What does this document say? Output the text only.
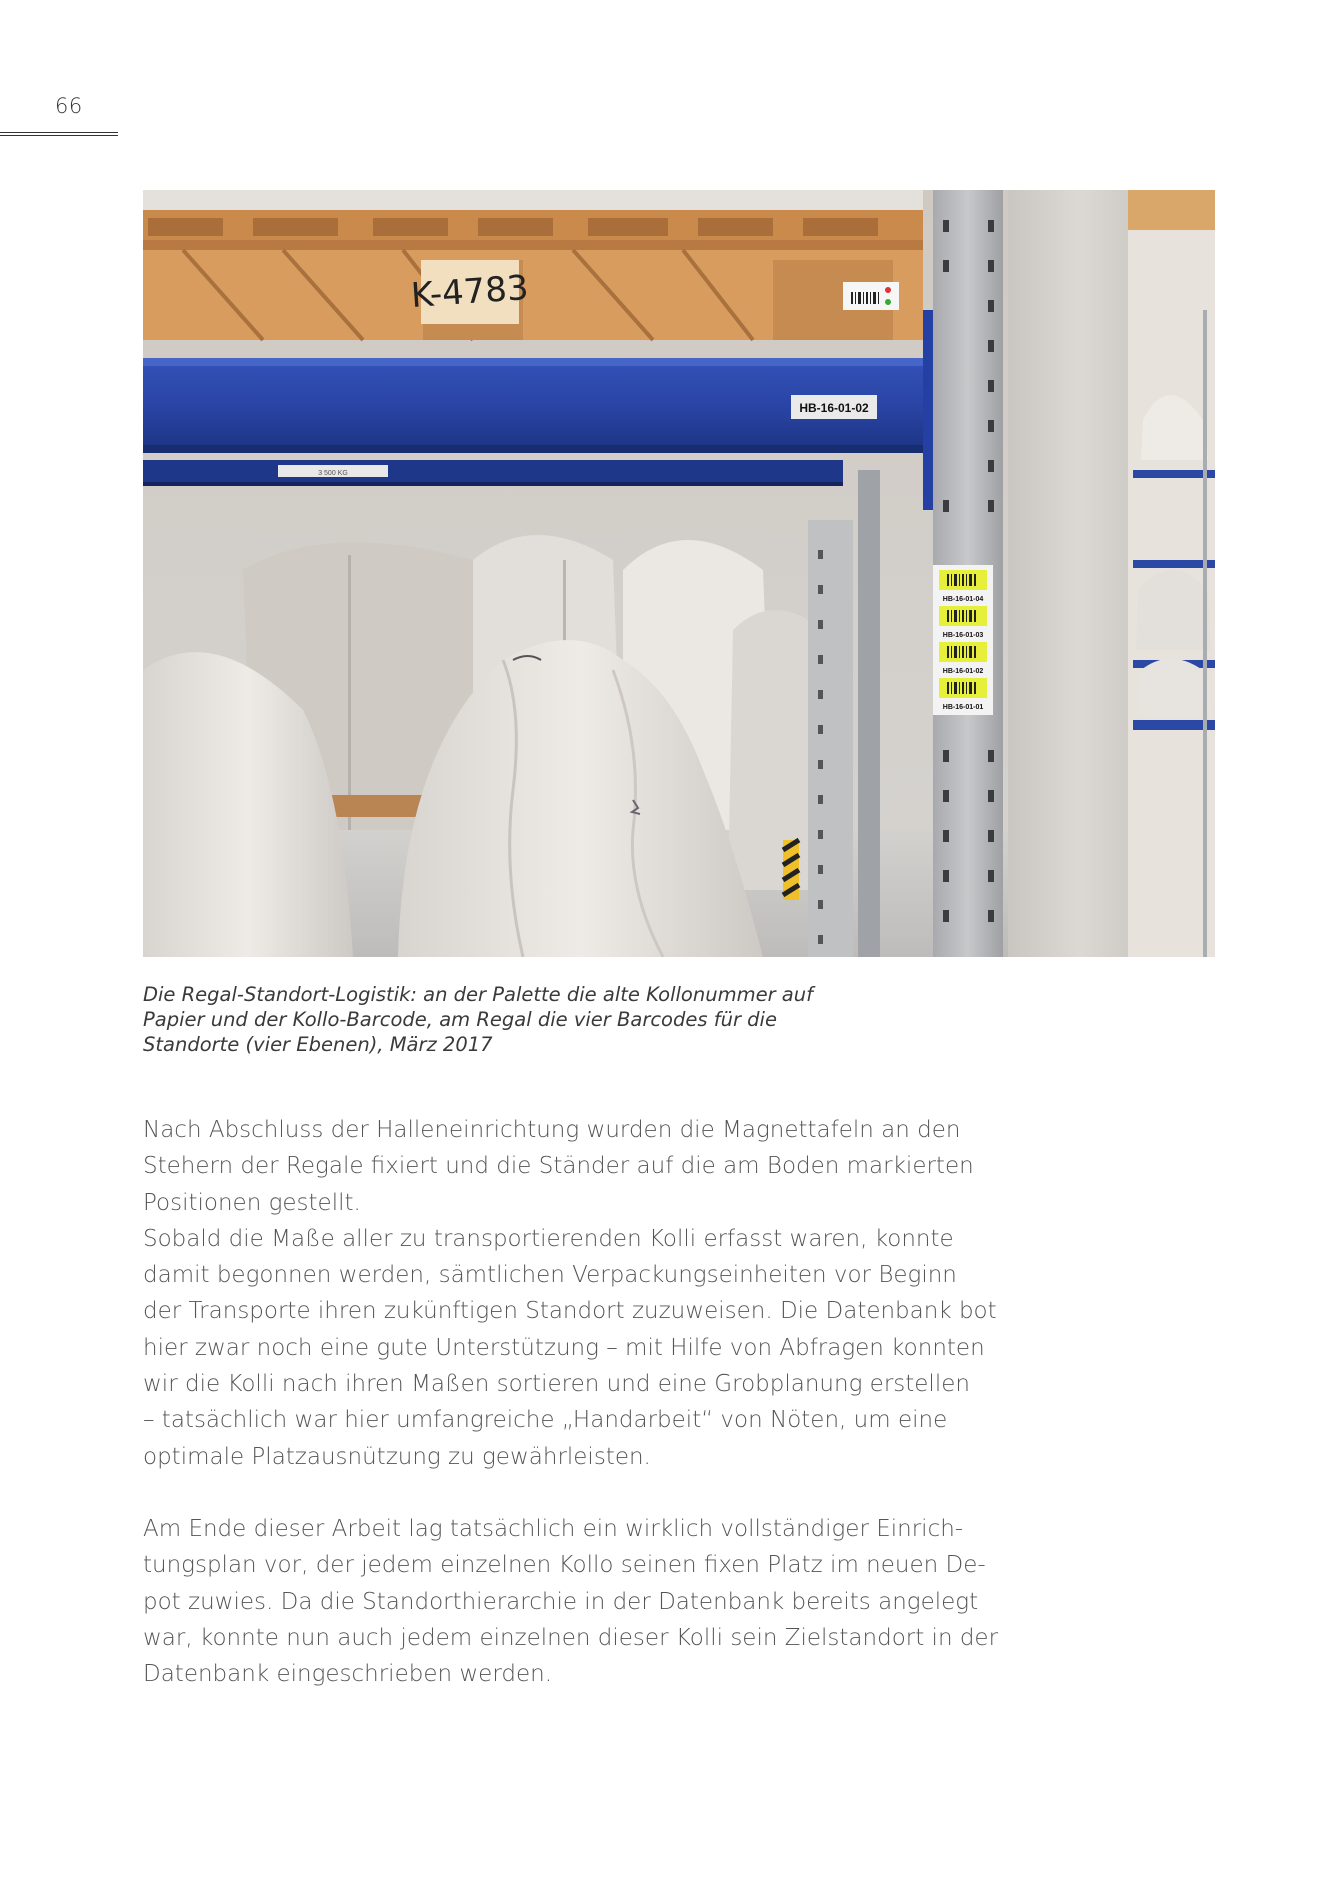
66
K-4783
HB-16-01-02
3 500 KG
HB-16-01-04
HB-16-01-03
HB-16-01-02
HB-16-01-01
Die Regal-Standort-Logistik: an der Palette die alte Kollonummer auf
Papier und der Kollo-Barcode, am Regal die vier Barcodes für die
Standorte (vier Ebenen), März 2017

Nach Abschluss der Halleneinrichtung wurden die Magnettafeln an den
Stehern der Regale fixiert und die Ständer auf die am Boden markierten
Positionen gestellt.
Sobald die Maße aller zu transportierenden Kolli erfasst waren, konnte
damit begonnen werden, sämtlichen Verpackungseinheiten vor Beginn
der Transporte ihren zukünftigen Standort zuzuweisen. Die Datenbank bot
hier zwar noch eine gute Unterstützung – mit Hilfe von Abfragen konnten
wir die Kolli nach ihren Maßen sortieren und eine Grobplanung erstellen
– tatsächlich war hier umfangreiche „Handarbeit“ von Nöten, um eine
optimale Platzausnützung zu gewährleisten.

Am Ende dieser Arbeit lag tatsächlich ein wirklich vollständiger Einrich-
tungsplan vor, der jedem einzelnen Kollo seinen fixen Platz im neuen De-
pot zuwies. Da die Standorthierarchie in der Datenbank bereits angelegt
war, konnte nun auch jedem einzelnen dieser Kolli sein Zielstandort in der
Datenbank eingeschrieben werden.
